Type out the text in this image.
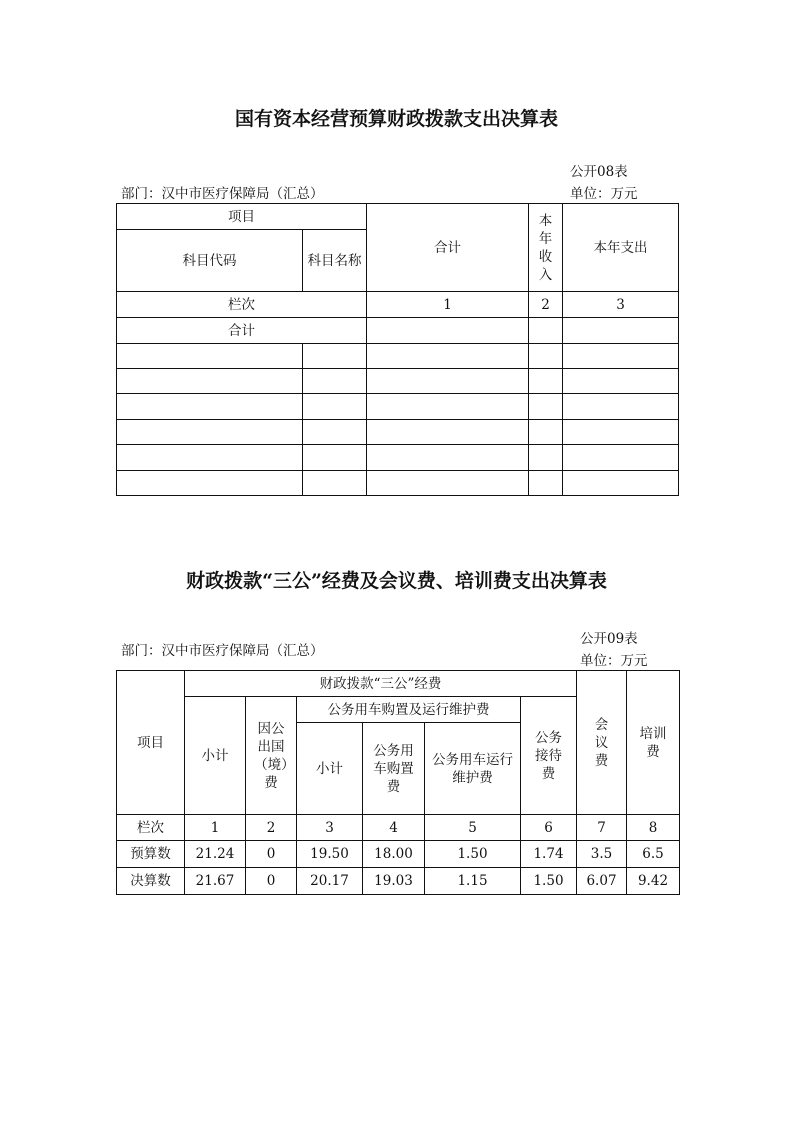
国有资本经营预算财政拨款支出决算表
公开08表
部门：汉中市医疗保障局（汇总）	单位：万元
项目		合计	本年收入	本年支出
科目代码	科目名称			
栏次		1	2	3
合计				

财政拨款“三公”经费及会议费、培训费支出决算表
公开09表
部门：汉中市医疗保障局（汇总）
单位：万元
项目	财政拨款“三公”经费						会议费	培训费
	小计	因公出国（境）费	公务用车购置及运行维护费			公务接待费		
			小计	公务用车购置费	公务用车运行维护费			
栏次	1	2	3	4	5	6	7	8
预算数	21.24	0	19.50	18.00	1.50	1.74	3.5	6.5
决算数	21.67	0	20.17	19.03	1.15	1.50	6.07	9.42
